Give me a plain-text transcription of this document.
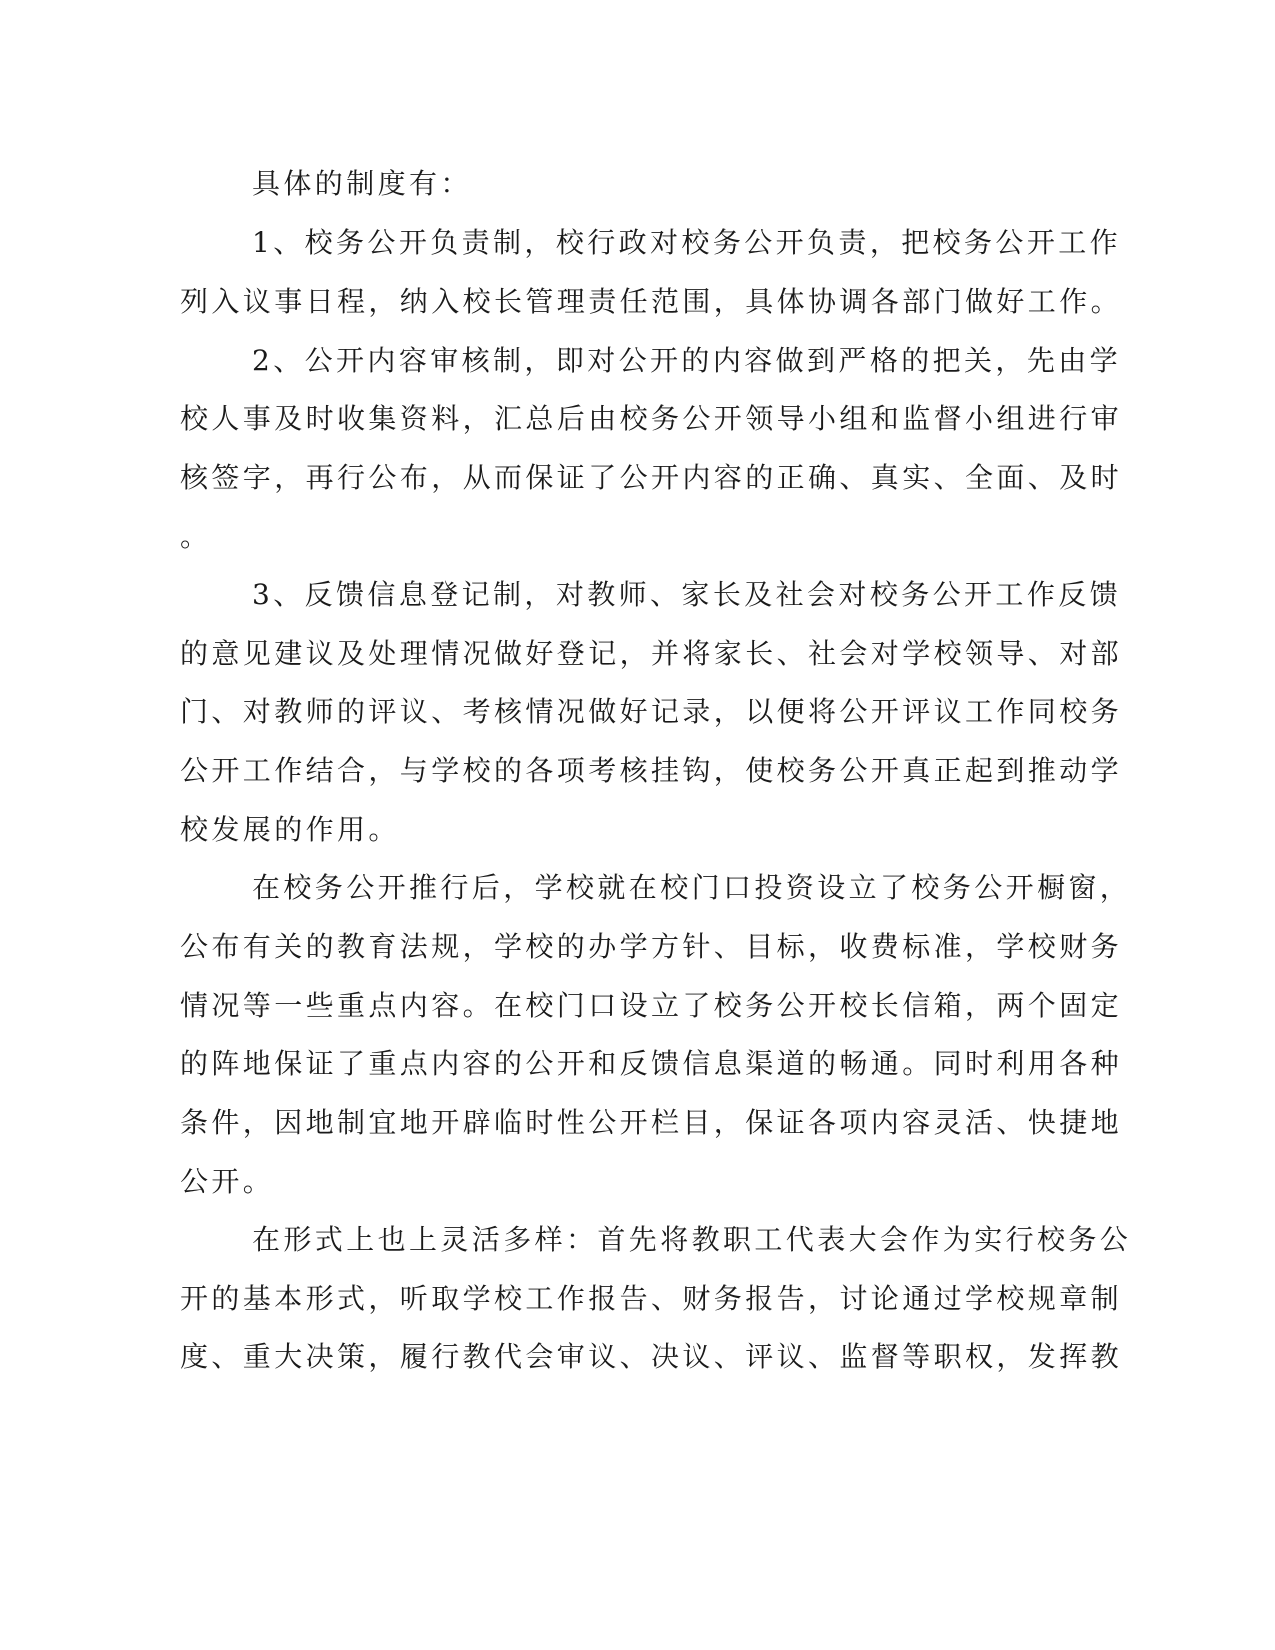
具体的制度有：
1、校务公开负责制，校行政对校务公开负责，把校务公开工作
列入议事日程，纳入校长管理责任范围，具体协调各部门做好工作。
2、公开内容审核制，即对公开的内容做到严格的把关，先由学
校人事及时收集资料，汇总后由校务公开领导小组和监督小组进行审
核签字，再行公布，从而保证了公开内容的正确、真实、全面、及时
。
3、反馈信息登记制，对教师、家长及社会对校务公开工作反馈
的意见建议及处理情况做好登记，并将家长、社会对学校领导、对部
门、对教师的评议、考核情况做好记录，以便将公开评议工作同校务
公开工作结合，与学校的各项考核挂钩，使校务公开真正起到推动学
校发展的作用。
在校务公开推行后，学校就在校门口投资设立了校务公开橱窗，
公布有关的教育法规，学校的办学方针、目标，收费标准，学校财务
情况等一些重点内容。在校门口设立了校务公开校长信箱，两个固定
的阵地保证了重点内容的公开和反馈信息渠道的畅通。同时利用各种
条件，因地制宜地开辟临时性公开栏目，保证各项内容灵活、快捷地
公开。
在形式上也上灵活多样：首先将教职工代表大会作为实行校务公
开的基本形式，听取学校工作报告、财务报告，讨论通过学校规章制
度、重大决策，履行教代会审议、决议、评议、监督等职权，发挥教
